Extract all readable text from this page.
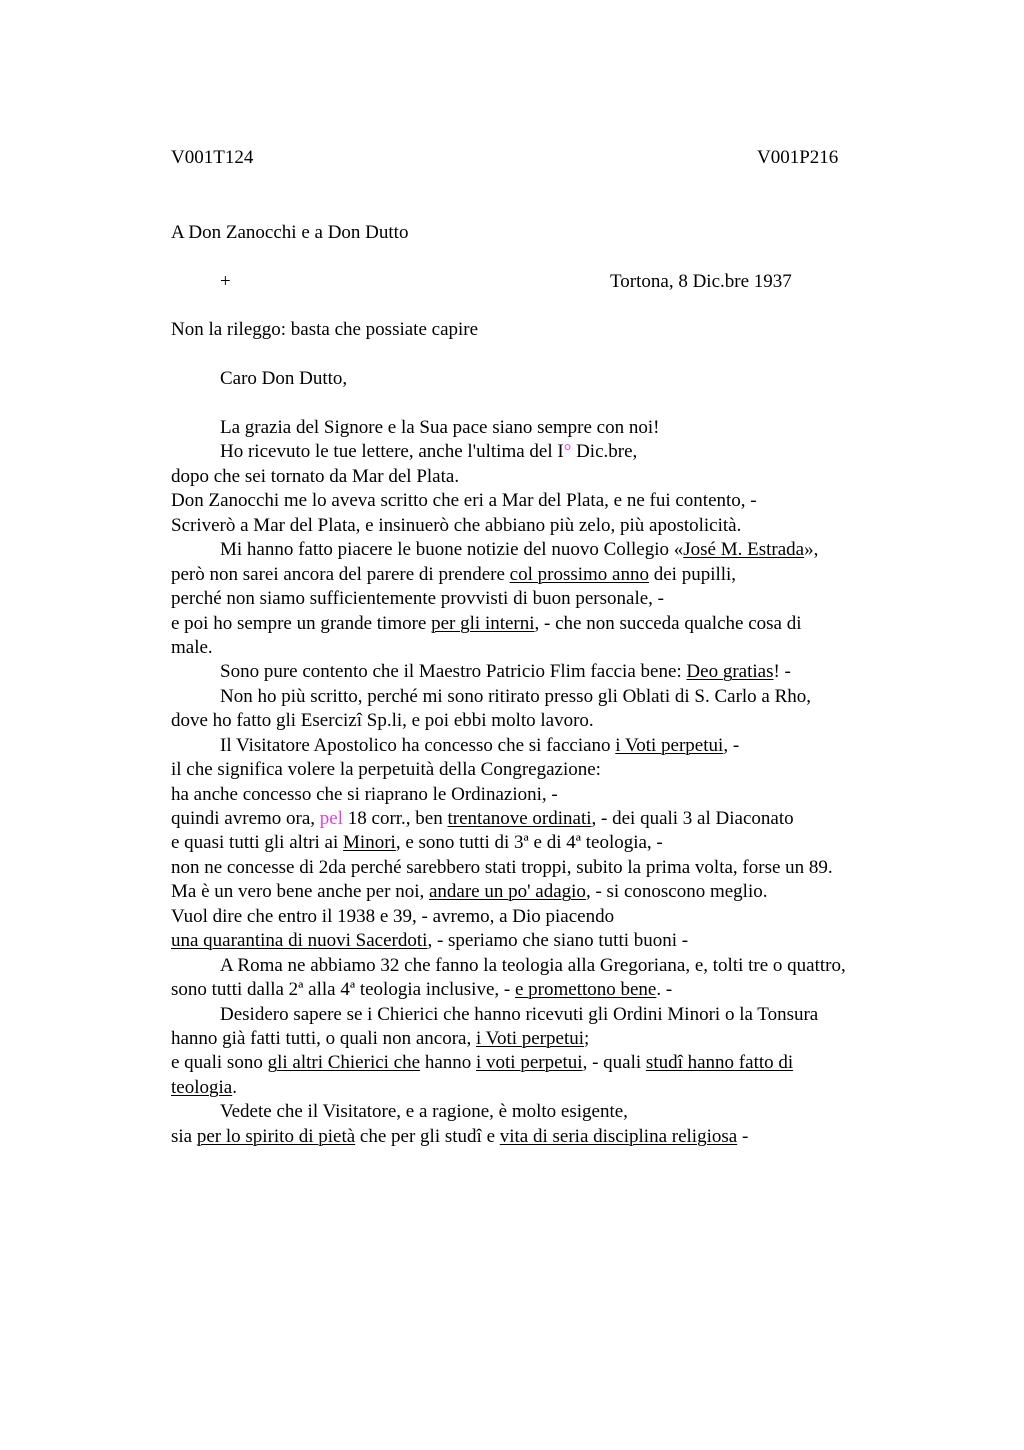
V001T124	V001P216
A Don Zanocchi e a Don Dutto
+	Tortona, 8 Dic.bre 1937
Non la rileggo: basta che possiate capire
Caro Don Dutto,
La grazia del Signore e la Sua pace siano sempre con noi!
Ho ricevuto le tue lettere, anche l'ultima del I° Dic.bre,
dopo che sei tornato da Mar del Plata.
Don Zanocchi me lo aveva scritto che eri a Mar del Plata, e ne fui contento, -
Scriverò a Mar del Plata, e insinuerò che abbiano più zelo, più apostolicità.
Mi hanno fatto piacere le buone notizie del nuovo Collegio «José M. Estrada»,
però non sarei ancora del parere di prendere col prossimo anno dei pupilli,
perché non siamo sufficientemente provvisti di buon personale, -
e poi ho sempre un grande timore per gli interni, - che non succeda qualche cosa di
male.
Sono pure contento che il Maestro Patricio Flim faccia bene: Deo gratias! -
Non ho più scritto, perché mi sono ritirato presso gli Oblati di S. Carlo a Rho,
dove ho fatto gli Esercizi Sp.li, e poi ebbi molto lavoro.
Il Visitatore Apostolico ha concesso che si facciano i Voti perpetui, -
il che significa volere la perpetuità della Congregazione:
ha anche concesso che si riaprano le Ordinazioni, -
quindi avremo ora, pel 18 corr., ben trentanove ordinati, - dei quali 3 al Diaconato
e quasi tutti gli altri ai Minori, e sono tutti di 3ª e di 4ª teologia, -
non ne concesse di 2da perché sarebbero stati troppi, subito la prima volta, forse un 89.
Ma è un vero bene anche per noi, andare un po' adagio, - si conoscono meglio.
Vuol dire che entro il 1938 e 39, - avremo, a Dio piacendo
una quarantina di nuovi Sacerdoti, - speriamo che siano tutti buoni -
A Roma ne abbiamo 32 che fanno la teologia alla Gregoriana, e, tolti tre o quattro,
sono tutti dalla 2ª alla 4ª teologia inclusive, - e promettono bene. -
Desidero sapere se i Chierici che hanno ricevuti gli Ordini Minori o la Tonsura
hanno già fatti tutti, o quali non ancora, i Voti perpetui;
e quali sono gli altri Chierici che hanno i voti perpetui, - quali studi hanno fatto di
teologia.
Vedete che il Visitatore, e a ragione, è molto esigente,
sia per lo spirito di pietà che per gli studi e vita di seria disciplina religiosa -
